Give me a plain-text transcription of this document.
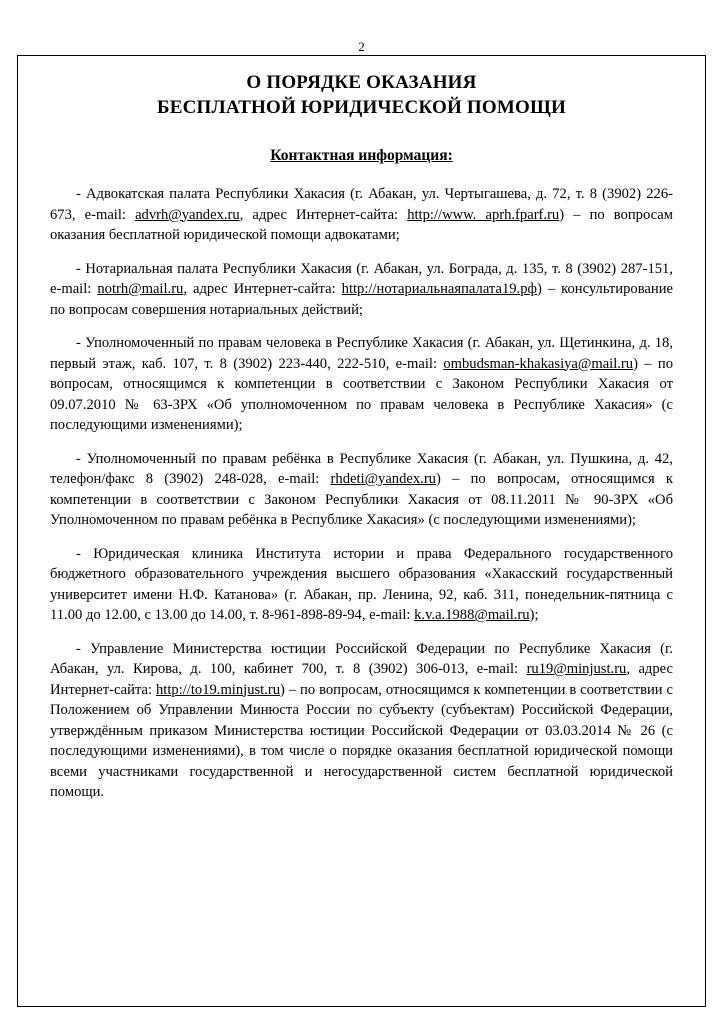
2
О ПОРЯДКЕ ОКАЗАНИЯ
БЕСПЛАТНОЙ ЮРИДИЧЕСКОЙ ПОМОЩИ
Контактная информация:

- Адвокатская палата Республики Хакасия (г. Абакан, ул. Чертыгашева, д. 72, т. 8 (3902) 226-673, e-mail: advrh@yandex.ru, адрес Интернет-сайта: http://www. aprh.fparf.ru) – по вопросам оказания бесплатной юридической помощи адвокатами;

- Нотариальная палата Республики Хакасия (г. Абакан, ул. Бограда, д. 135, т. 8 (3902) 287-151, e-mail: notrh@mail.ru, адрес Интернет-сайта: http://нотариальнаяпалата19.рф) – консультирование по вопросам совершения нотариальных действий;

- Уполномоченный по правам человека в Республике Хакасия (г. Абакан, ул. Щетинкина, д. 18, первый этаж, каб. 107, т. 8 (3902) 223-440, 222-510, e-mail: ombudsman-khakasiya@mail.ru) – по вопросам, относящимся к компетенции в соответствии с Законом Республики Хакасия от 09.07.2010 № 63-ЗРХ «Об уполномоченном по правам человека в Республике Хакасия» (с последующими изменениями);

- Уполномоченный по правам ребёнка в Республике Хакасия (г. Абакан, ул. Пушкина, д. 42, телефон/факс 8 (3902) 248-028, e-mail: rhdeti@yandex.ru) – по вопросам, относящимся к компетенции в соответствии с Законом Республики Хакасия от 08.11.2011 № 90-ЗРХ «Об Уполномоченном по правам ребёнка в Республике Хакасия» (с последующими изменениями);

- Юридическая клиника Института истории и права Федерального государственного бюджетного образовательного учреждения высшего образования «Хакасский государственный университет имени Н.Ф. Катанова» (г. Абакан, пр. Ленина, 92, каб. 311, понедельник-пятница с 11.00 до 12.00, с 13.00 до 14.00, т. 8-961-898-89-94, e-mail: k.v.a.1988@mail.ru);

- Управление Министерства юстиции Российской Федерации по Республике Хакасия (г. Абакан, ул. Кирова, д. 100, кабинет 700, т. 8 (3902) 306-013, e-mail: ru19@minjust.ru, адрес Интернет-сайта: http://to19.minjust.ru) – по вопросам, относящимся к компетенции в соответствии с Положением об Управлении Минюста России по субъекту (субъектам) Российской Федерации, утверждённым приказом Министерства юстиции Российской Федерации от 03.03.2014 № 26 (с последующими изменениями), в том числе о порядке оказания бесплатной юридической помощи всеми участниками государственной и негосударственной систем бесплатной юридической помощи.
